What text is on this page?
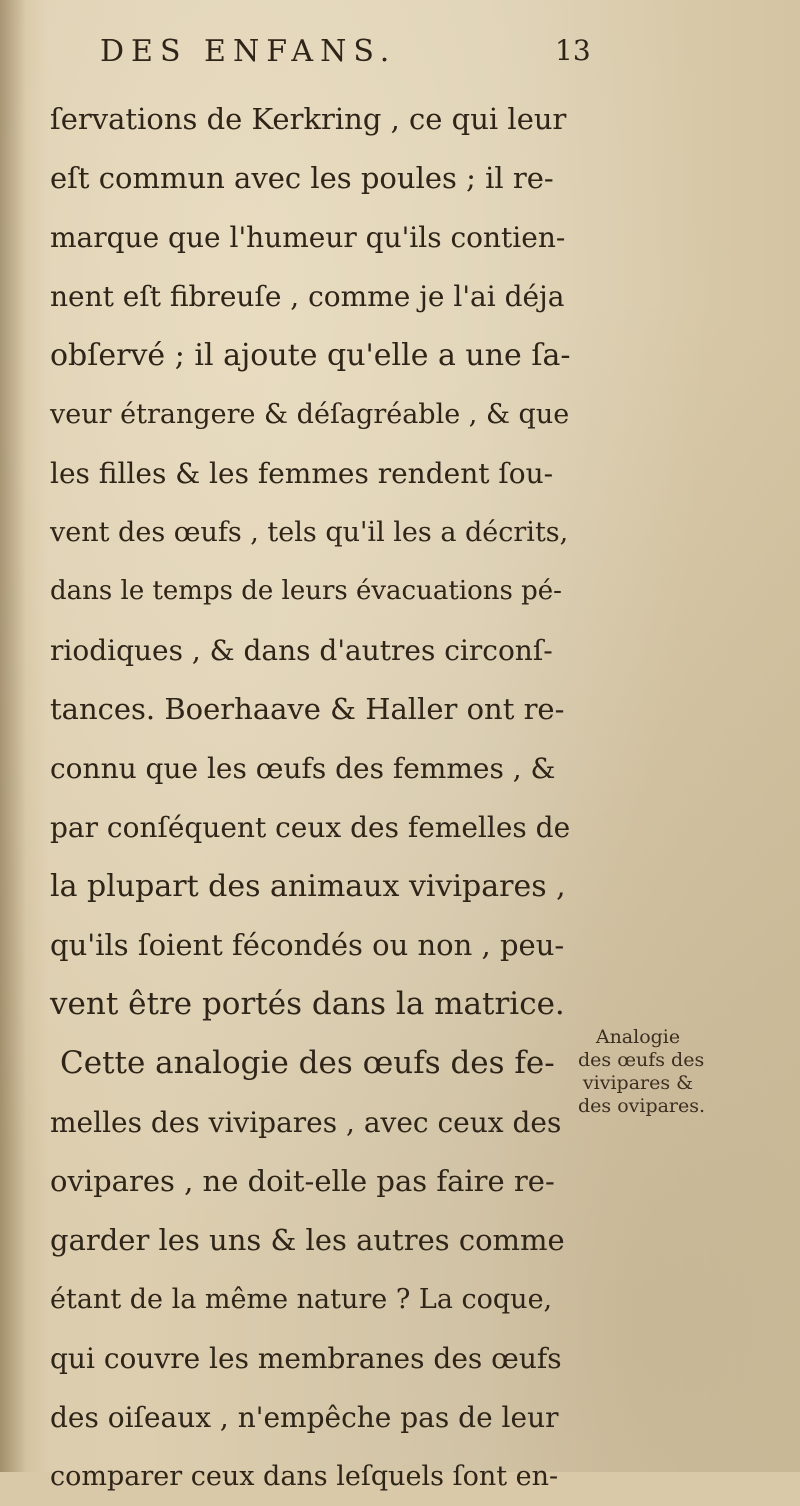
DES ENFANS.	13
ſervations de Kerkring , ce qui leur
eſt commun avec les poules ; il re-
marque que l'humeur qu'ils contien-
nent eſt fibreuſe , comme je l'ai déja
obſervé ; il ajoute qu'elle a une ſa-
veur étrangere & déſagréable , & que
les filles & les femmes rendent ſou-
vent des œufs , tels qu'il les a décrits,
dans le temps de leurs évacuations pé-
riodiques , & dans d'autres circonſ-
tances. Boerhaave & Haller ont re-
connu que les œufs des femmes , &
par conſéquent ceux des femelles de
la plupart des animaux vivipares ,
qu'ils ſoient fécondés ou non , peu-
vent être portés dans la matrice.
Cette analogie des œufs des fe-
melles des vivipares , avec ceux des
ovipares , ne doit-elle pas faire re-
garder les uns & les autres comme
étant de la même nature ? La coque,
qui couvre les membranes des œufs
des oiſeaux , n'empêche pas de leur
comparer ceux dans leſquels ſont en-
Analogie
des œufs des
vivipares &
des ovipares.
